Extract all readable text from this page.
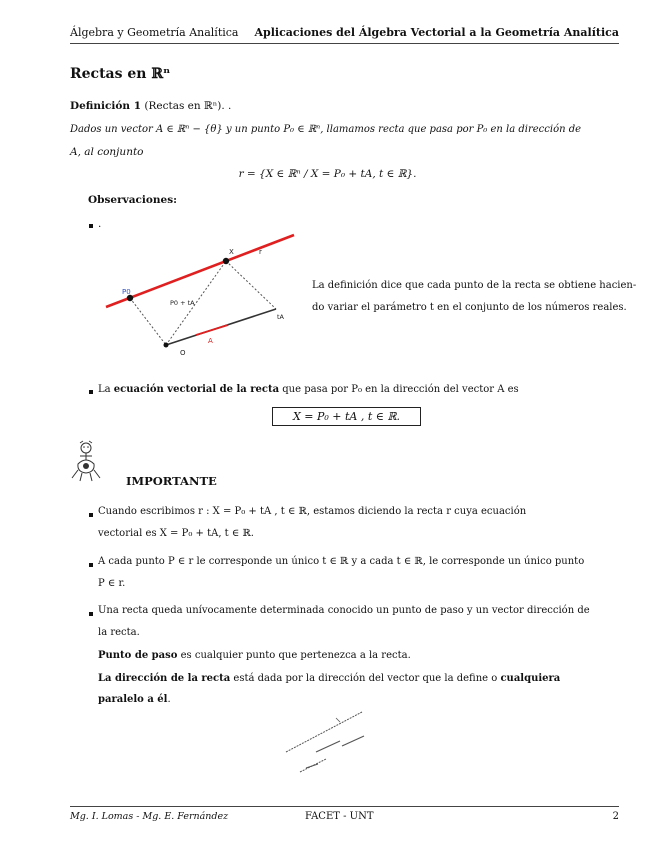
Álgebra y Geometría Analítica Aplicaciones del Álgebra Vectorial a la Geometría Analítica
Rectas en ℝⁿ
Definición 1 (Rectas en ℝⁿ). .
Dados un vector A ∈ ℝⁿ − {θ} y un punto P₀ ∈ ℝⁿ, llamamos recta que pasa por P₀ en la dirección de
A, al conjunto
r = {X ∈ ℝⁿ / X = P₀ + tA, t ∈ ℝ}.
Observaciones:
.
X	r
P0
P0 + tA
tA
A
O
La definición dice que cada punto de la recta se obtiene hacien-
do variar el parámetro t en el conjunto de los números reales.
La ecuación vectorial de la recta que pasa por P₀ en la dirección del vector A es
X = P₀ + tA , t ∈ ℝ.
IMPORTANTE
Cuando escribimos r : X = P₀ + tA , t ∈ ℝ, estamos diciendo la recta r cuya ecuación
vectorial es X = P₀ + tA, t ∈ ℝ.
A cada punto P ∈ r le corresponde un único t ∈ ℝ y a cada t ∈ ℝ, le corresponde un único punto
P ∈ r.
Una recta queda unívocamente determinada conocido un punto de paso y un vector dirección de
la recta.
Punto de paso es cualquier punto que pertenezca a la recta.
La dirección de la recta está dada por la dirección del vector que la define o cualquiera
paralelo a él.
Mg. I. Lomas - Mg. E. Fernández	FACET - UNT	2
